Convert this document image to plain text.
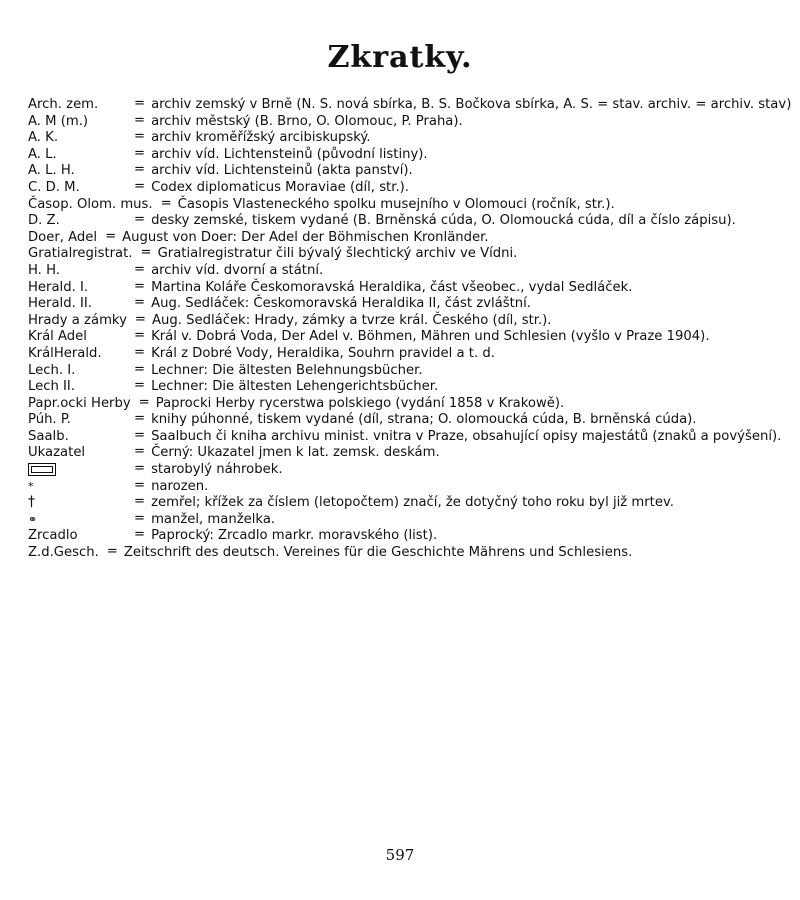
Zkratky.
Arch. zem.	= archiv zemský v Brně (N. S. nová sbírka, B. S. Bočkova sbírka, A. S. = stav. archiv. = archiv. stav)
A. M (m.)	= archiv městský (B. Brno, O. Olomouc, P. Praha).
A. K.	= archiv kroměřížský arcibiskupský.
A. L.	= archiv víd. Lichtensteinů (původní listiny).
A. L. H.	= archiv víd. Lichtensteinů (akta panství).
C. D. M.	= Codex diplomaticus Moraviae (díl, str.).
Časop. Olom. mus. = Časopis Vlasteneckého spolku musejního v Olomouci (ročník, str.).
D. Z.	= desky zemské, tiskem vydané (B. Brněnská cúda, O. Olomoucká cúda, díl a číslo zápisu).
Doer, Adel = August von Doer: Der Adel der Böhmischen Kronländer.
Gratialregistrat. = Gratialregistratur čili bývalý šlechtický archiv ve Vídni.
H. H.	= archiv víd. dvorní a státní.
Herald. I.	= Martina Koláře Českomoravská Heraldika, část všeobec., vydal Sedláček.
Herald. II.	= Aug. Sedláček: Českomoravská Heraldika II, část zvláštní.
Hrady a zámky = Aug. Sedláček: Hrady, zámky a tvrze král. Českého (díl, str.).
Král Adel	= Král v. Dobrá Voda, Der Adel v. Böhmen, Mähren und Schlesien (vyšlo v Praze 1904).
KrálHerald.	= Král z Dobré Vody, Heraldika, Souhrn pravidel a t. d.
Lech. I.	= Lechner: Die ältesten Belehnungsbücher.
Lech II.	= Lechner: Die ältesten Lehengerichtsbücher.
Papr.ocki Herby = Paprocki Herby rycerstwa polskiego (vydání 1858 v Krakowě).
Púh. P.	= knihy púhonné, tiskem vydané (díl, strana; O. olomoucká cúda, B. brněnská cúda).
Saalb.	= Saalbuch či kniha archivu minist. vnitra v Praze, obsahující opisy majestátů (znaků a povýšení).
Ukazatel	= Černý: Ukazatel jmen k lat. zemsk. deskám.
= starobylý náhrobek.
*	= narozen.
†	= zemřel; křížek za číslem (letopočtem) značí, že dotyčný toho roku byl již mrtev.
⚭	= manžel, manželka.
Zrcadlo	= Paprocký: Zrcadlo markr. moravského (list).
Z.d.Gesch. = Zeitschrift des deutsch. Vereines für die Geschichte Mährens und Schlesiens.
597
